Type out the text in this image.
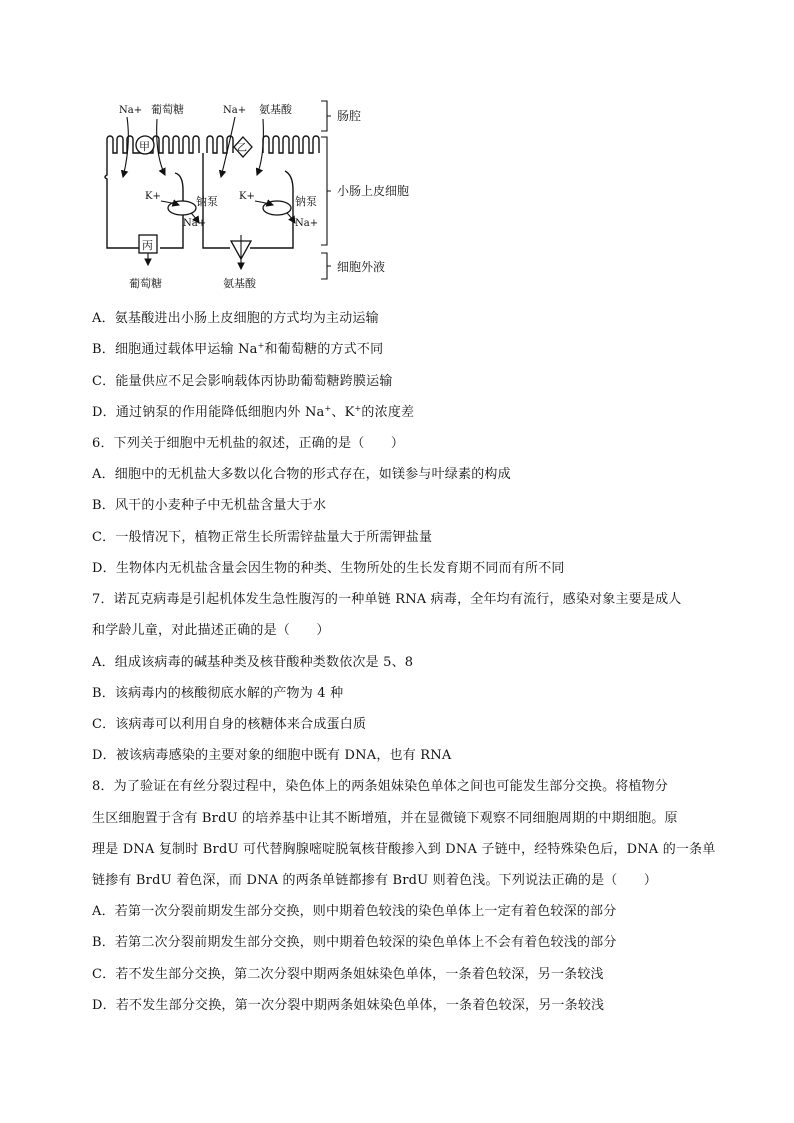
甲	乙
丙
Na+ 葡萄糖	Na+ 氨基酸
K+	钠泵
Na+
K+	钠泵
Na+
葡萄糖	氨基酸
肠腔
小肠上皮细胞
细胞外液
A．氨基酸进出小肠上皮细胞的方式均为主动运输
B．细胞通过载体甲运输 Na+和葡萄糖的方式不同
C．能量供应不足会影响载体丙协助葡萄糖跨膜运输
D．通过钠泵的作用能降低细胞内外 Na+、K+的浓度差
6．下列关于细胞中无机盐的叙述，正确的是（　　）
A．细胞中的无机盐大多数以化合物的形式存在，如镁参与叶绿素的构成
B．风干的小麦种子中无机盐含量大于水
C．一般情况下，植物正常生长所需锌盐量大于所需钾盐量
D．生物体内无机盐含量会因生物的种类、生物所处的生长发育期不同而有所不同
7．诺瓦克病毒是引起机体发生急性腹泻的一种单链 RNA 病毒，全年均有流行，感染对象主要是成人
和学龄儿童，对此描述正确的是（　　）
A．组成该病毒的碱基种类及核苷酸种类数依次是 5、8
B．该病毒内的核酸彻底水解的产物为 4 种
C．该病毒可以利用自身的核糖体来合成蛋白质
D．被该病毒感染的主要对象的细胞中既有 DNA，也有 RNA
8．为了验证在有丝分裂过程中，染色体上的两条姐妹染色单体之间也可能发生部分交换。将植物分
生区细胞置于含有 BrdU 的培养基中让其不断增殖，并在显微镜下观察不同细胞周期的中期细胞。原
理是 DNA 复制时 BrdU 可代替胸腺嘧啶脱氧核苷酸掺入到 DNA 子链中，经特殊染色后，DNA 的一条单
链掺有 BrdU 着色深，而 DNA 的两条单链都掺有 BrdU 则着色浅。下列说法正确的是（　　）
A．若第一次分裂前期发生部分交换，则中期着色较浅的染色单体上一定有着色较深的部分
B．若第二次分裂前期发生部分交换，则中期着色较深的染色单体上不会有着色较浅的部分
C．若不发生部分交换，第二次分裂中期两条姐妹染色单体，一条着色较深，另一条较浅
D．若不发生部分交换，第一次分裂中期两条姐妹染色单体，一条着色较深，另一条较浅
